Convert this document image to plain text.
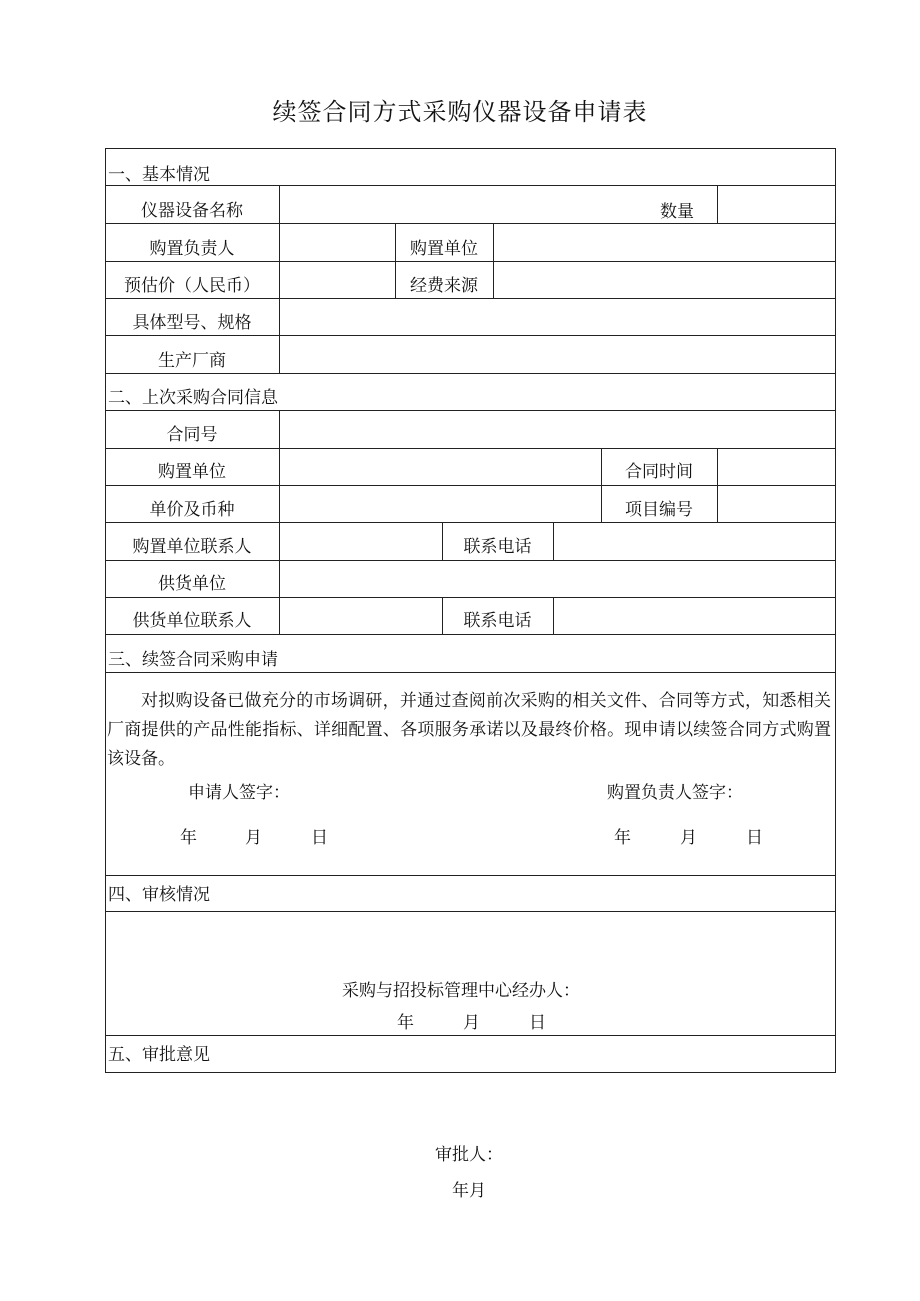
续签合同方式采购仪器设备申请表
一、基本情况
仪器设备名称	数量
购置负责人	购置单位
预估价（人民币）	经费来源
具体型号、规格
生产厂商
二、上次采购合同信息
合同号
购置单位	合同时间
单价及币种	项目编号
购置单位联系人	联系电话
供货单位
供货单位联系人	联系电话
三、续签合同采购申请
对拟购设备已做充分的市场调研，并通过查阅前次采购的相关文件、合同等方式，知悉相关厂商提供的产品性能指标、详细配置、各项服务承诺以及最终价格。现申请以续签合同方式购置该设备。
申请人签字：	购置负责人签字：
年	月	日	年	月	日
四、审核情况
采购与招投标管理中心经办人：
年	月	日
五、审批意见
审批人：
年月
